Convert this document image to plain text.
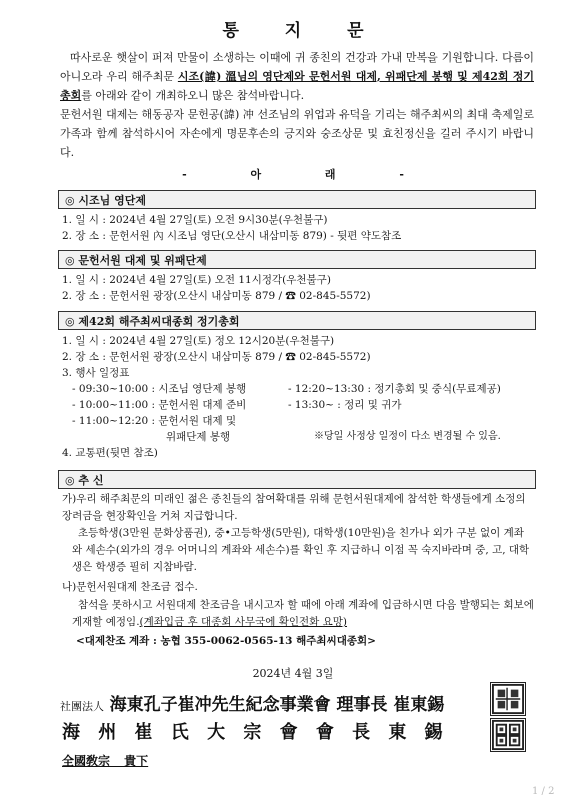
통 지 문
따사로운 햇살이 퍼져 만물이 소생하는 이때에 귀 종친의 건강과 가내 만복을 기원합니다. 다름이 아니오라 우리 해주최문 시조(諱) 溫님의 영단제와 문헌서원 대제, 위패단제 봉행 및 제42회 정기총회를 아래와 같이 개최하오니 많은 참석바랍니다.
문헌서원 대제는 해동공자 문헌공(諱) 冲 선조님의 위업과 유덕을 기리는 해주최씨의 최대 축제일로 가족과 함께 참석하시어 자손에게 명문후손의 긍지와 숭조상문 및 효친정신을 길러 주시기 바랍니다.
- 아 래 -
◎ 시조님 영단제
1. 일 시 : 2024년 4월 27일(토) 오전 9시30분(우천불구)
2. 장 소 : 문헌서원 內 시조님 영단(오산시 내삼미동 879) - 뒷편 약도참조
◎ 문헌서원 대제 및 위패단제
1. 일 시 : 2024년 4월 27일(토) 오전 11시정각(우천불구)
2. 장 소 : 문헌서원 광장(오산시 내삼미동 879 / ☎ 02-845-5572)
◎ 제42회 해주최씨대종회 정기총회
1. 일 시 : 2024년 4월 27일(토) 정오 12시20분(우천불구)
2. 장 소 : 문헌서원 광장(오산시 내삼미동 879 / ☎ 02-845-5572)
3. 행사 일정표
- 09:30~10:00 : 시조님 영단제 봉행	- 12:20~13:30 : 정기총회 및 중식(무료제공)
- 10:00~11:00 : 문헌서원 대제 준비	- 13:30~ : 정리 및 귀가
- 11:00~12:20 : 문헌서원 대제 및
위패단제 봉행	※당일 사정상 일정이 다소 변경될 수 있음.
4. 교통편(뒷면 참조)
◎ 추 신
가)우리 해주최문의 미래인 젊은 종친들의 참여확대를 위해 문헌서원대제에 참석한 학생들에게 소정의 장려금을 현장확인을 거쳐 지급합니다.
초등학생(3만원 문화상품권), 중•고등학생(5만원), 대학생(10만원)을 친가나 외가 구분 없이 계좌와 세손수(외가의 경우 어머니의 계좌와 세손수)를 확인 후 지급하니 이점 꼭 숙지바라며 중, 고, 대학생은 학생증 필히 지참바람.
나)문헌서원대제 찬조금 접수.
참석을 못하시고 서원대제 찬조금을 내시고자 할 때에 아래 계좌에 입금하시면 다음 발행되는 회보에 게재할 예정임.(계좌입금 후 대종회 사무국에 확인전화 요망)
<대제찬조 계좌 : 농협 355-0062-0565-13 해주최씨대종회>
2024년 4월 3일
社團法人 海東孔子崔冲先生紀念事業會 理事長 崔東錫
海 州 崔 氏 大 宗 會 會 長 東 錫
全國敎宗 貴下
1 / 2
